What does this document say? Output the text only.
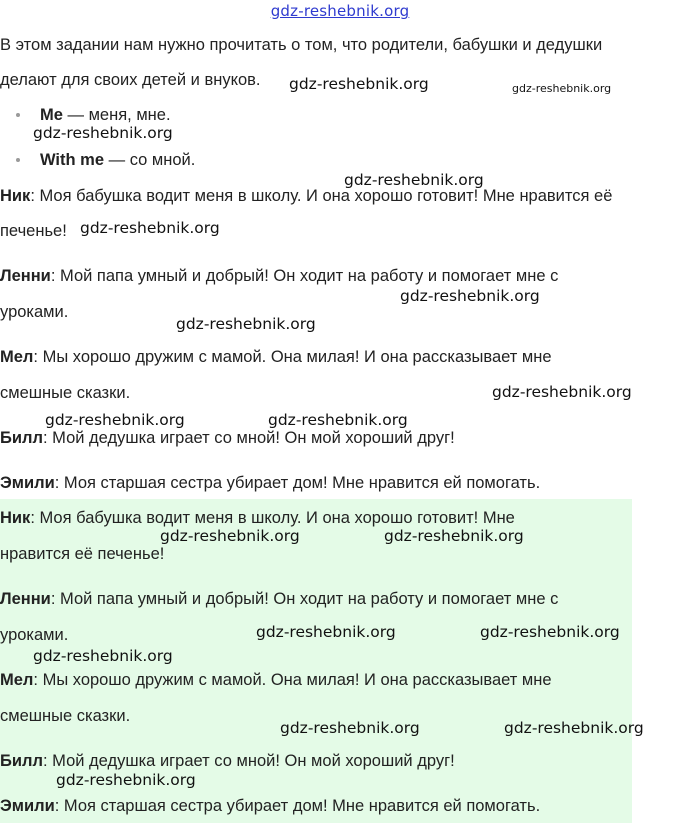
gdz-reshebnik.org

В этом задании нам нужно прочитать о том, что родители, бабушки и дедушки

делают для своих детей и внуков.

Me — меня, мне.
With me — со мной.

Ник: Моя бабушка водит меня в школу. И она хорошо готовит! Мне нравится её

печенье!

Ленни: Мой папа умный и добрый! Он ходит на работу и помогает мне с

уроками.

Мел: Мы хорошо дружим с мамой. Она милая! И она рассказывает мне

смешные сказки.

Билл: Мой дедушка играет со мной! Он мой хороший друг!

Эмили: Моя старшая сестра убирает дом! Мне нравится ей помогать.

Ник: Моя бабушка водит меня в школу. И она хорошо готовит! Мне
нравится её печенье!
Ленни: Мой папа умный и добрый! Он ходит на работу и помогает мне с
уроками.
Мел: Мы хорошо дружим с мамой. Она милая! И она рассказывает мне
смешные сказки.
Билл: Мой дедушка играет со мной! Он мой хороший друг!
Эмили: Моя старшая сестра убирает дом! Мне нравится ей помогать.
gdz-reshebnik.org	gdz-reshebnik.org
gdz-reshebnik.org
gdz-reshebnik.org
gdz-reshebnik.org
gdz-reshebnik.org
gdz-reshebnik.org
gdz-reshebnik.org
gdz-reshebnik.org	gdz-reshebnik.org
gdz-reshebnik.org	gdz-reshebnik.org
gdz-reshebnik.org	gdz-reshebnik.org
gdz-reshebnik.org
gdz-reshebnik.org	gdz-reshebnik.org
gdz-reshebnik.org
